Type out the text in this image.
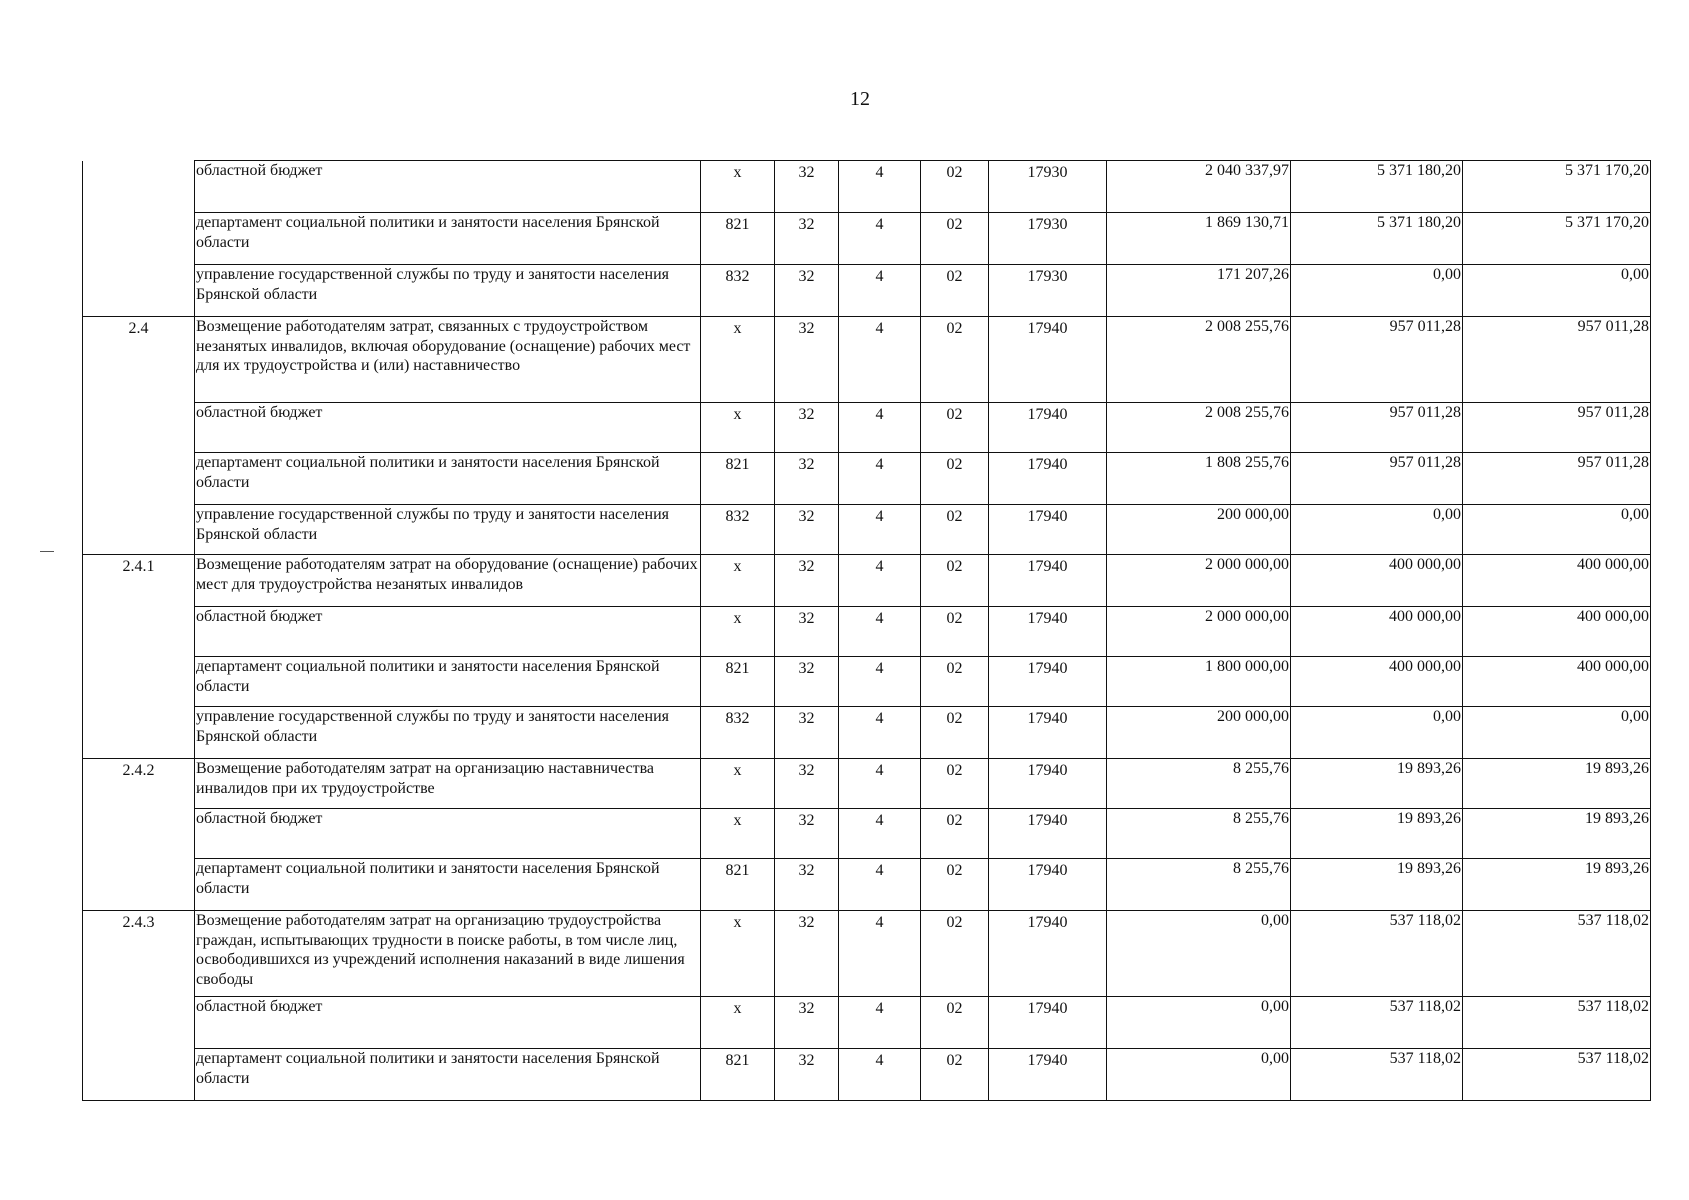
12
	областной бюджет	х	32	4	02	17930	2 040 337,97	5 371 180,20	5 371 170,20
	департамент социальной политики и занятости населения Брянской области	821	32	4	02	17930	1 869 130,71	5 371 180,20	5 371 170,20
	управление государственной службы по труду и занятости населения Брянской области	832	32	4	02	17930	171 207,26	0,00	0,00
2.4	Возмещение работодателям затрат, связанных с трудоустройством незанятых инвалидов, включая оборудование (оснащение) рабочих мест для их трудоустройства и (или) наставничество	х	32	4	02	17940	2 008 255,76	957 011,28	957 011,28
	областной бюджет	х	32	4	02	17940	2 008 255,76	957 011,28	957 011,28
	департамент социальной политики и занятости населения Брянской области	821	32	4	02	17940	1 808 255,76	957 011,28	957 011,28
	управление государственной службы по труду и занятости населения Брянской области	832	32	4	02	17940	200 000,00	0,00	0,00
2.4.1	Возмещение работодателям затрат на оборудование (оснащение) рабочих мест для трудоустройства незанятых инвалидов	х	32	4	02	17940	2 000 000,00	400 000,00	400 000,00
	областной бюджет	х	32	4	02	17940	2 000 000,00	400 000,00	400 000,00
	департамент социальной политики и занятости населения Брянской области	821	32	4	02	17940	1 800 000,00	400 000,00	400 000,00
	управление государственной службы по труду и занятости населения Брянской области	832	32	4	02	17940	200 000,00	0,00	0,00
2.4.2	Возмещение работодателям затрат на организацию наставничества инвалидов при их трудоустройстве	х	32	4	02	17940	8 255,76	19 893,26	19 893,26
	областной бюджет	х	32	4	02	17940	8 255,76	19 893,26	19 893,26
	департамент социальной политики и занятости населения Брянской области	821	32	4	02	17940	8 255,76	19 893,26	19 893,26
2.4.3	Возмещение работодателям затрат на организацию трудоустройства граждан, испытывающих трудности в поиске работы, в том числе лиц, освободившихся из учреждений исполнения наказаний в виде лишения свободы	х	32	4	02	17940	0,00	537 118,02	537 118,02
	областной бюджет	х	32	4	02	17940	0,00	537 118,02	537 118,02
	департамент социальной политики и занятости населения Брянской области	821	32	4	02	17940	0,00	537 118,02	537 118,02
